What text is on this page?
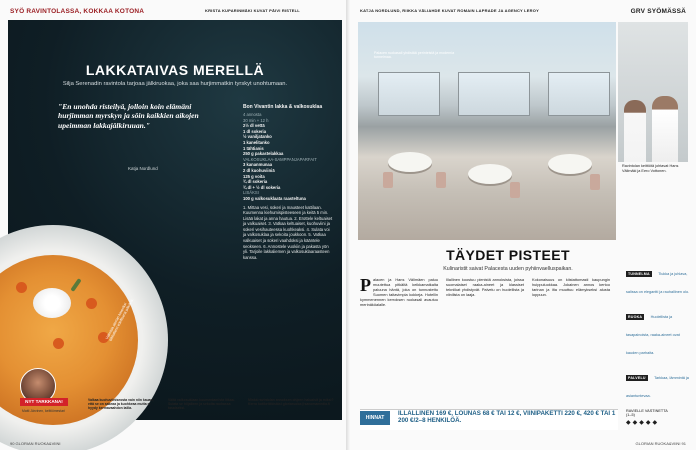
SYÖ RAVINTOLASSA, KOKKAA KOTONA	KRISTA KUPARINMÄKI KUVAT PÄIVI RISTELL
LAKKATAIVAS MERELLÄ
Silja Serenadin ravintola tarjoaa jälkiruokaa, joka saa hurjimmatkin tyrskyt unohtumaan.
"En unohda risteilyä, jolloin koin elämäni hurjimman myrskyn ja söin kaikkien aikojen upeimman lakkajälkiruuan."
Katja Nordlund
Bon Vivantin lakka & valkosuklaa
4 annosta
30 min + 12 h
2½ dl vettä
1 dl sokeria
½ vaniljatanko
1 kanelitanko
1 tähtianis
250 g pakastelakkaa
VALKOSUKLAA-SAMPPANJAPARFAIT
3 kananmunaa
2 dl kuohuviiniä
125 g voita
¾ dl sokeria
¾ dl + ½ dl sokeria
LISÄKSI
100 g valkosuklaata raasteltuna
1. Mittaa vesi, sokeri ja mausteet kattilaan. Kuumenna kiehumispisteeseen ja keitä 5 min. Lisää lakat ja anna hautua. 2. Erottele keltuaiset ja valkuaiset. 3. Vatkaa keltuaiset, kuohuviini ja sokeri vesihauteessa kuohkeaksi. 4. Sulata voi ja valkosuklaa ja sekoita joukkoon. 5. Vatkaa valkuaiset ja sokeri vaahdoksi ja kääntele seokseen. 6. Annostele vuokiin ja pakasta yön yli. Tarjoile lakkaliemen ja valkosuklaaraasteen kanssa.
Valmista aterian kaveriksi lakkaliemi edellisenä päivänä.
NYT TARKKANA!
Matti Järvinen, keittiömestari
Valkaa kuohuviiniseosta vain niin kauan, että se on sakeaa ja kuohkeaa mutta ei hyydy kermavaahdon lailla.
Vältä valkosuklaan kuumentamista liikaa. Sulata se hiljalleen ja sekoita rauhassa tasaiseksi.
Minkä ravintolan annoksen ohjeen haluaisit ja miksi? Kerro kotikeittiöstäsi gloriaruoka@sanomamedia.fi
90 GLORIAN RUOKA&VIINI
KATJA NORDLUND, RIIKKA VÄLIAHDE KUVAT ROMAIN LAPRADE JA AGENCY LEROY	GRV SYÖMÄSSÄ
Palacen ruokasali yhdistää perinteistä ja modernia tunnelmaa.
Ravintolan keittiötä johtavat Hans Välimäki ja Eero Vottonen.
TÄYDET PISTEET
Kulinaristit saivat Palacesta uuden pyhiinvaelluspaikan.
P alacen ja Hans Välimäen paluu muutettua pitkältä keikkamatkalta paluuna häntä, joka on tunnustettu Suomen taitavimpia kokkeja. Hotellin kymmenennen kerroksen ruokasali avautuu merinäköalalle.
Illallinen koostuu pienistä annoksista, joissa suomalaiset raaka-aineet ja klassiset tekniikat yhdistyvät. Palvelu on huolellista ja viinilista on laaja.
Kokonaisuus on kiistattomasti kaupungin huippuluokkaa. Jokainen annos kertoo tarinan ja ilta muuttuu elämykseksi alusta loppuun.
HINNAT
ILLALLINEN 169 €, LOUNAS 68 € TAI 12 €, VIINIPAKETTI 220 €, 420 € TAI 1 200 €/2–8 HENKILÖÄ.
TUNNELMA Tiukka ja juhlava, salissa on elegantti ja rauhallinen olo.
RUOKA Huolellista ja tasapainoista, raaka-aineet ovat kauden parhaita.
PALVELU Tarkkaa, lämmintä ja asiantuntevaa.
RAVIELLE VASTINETTA
(1–5)
◆ ◆ ◆ ◆ ◆
GLORIAN RUOKA&VIINI 91
